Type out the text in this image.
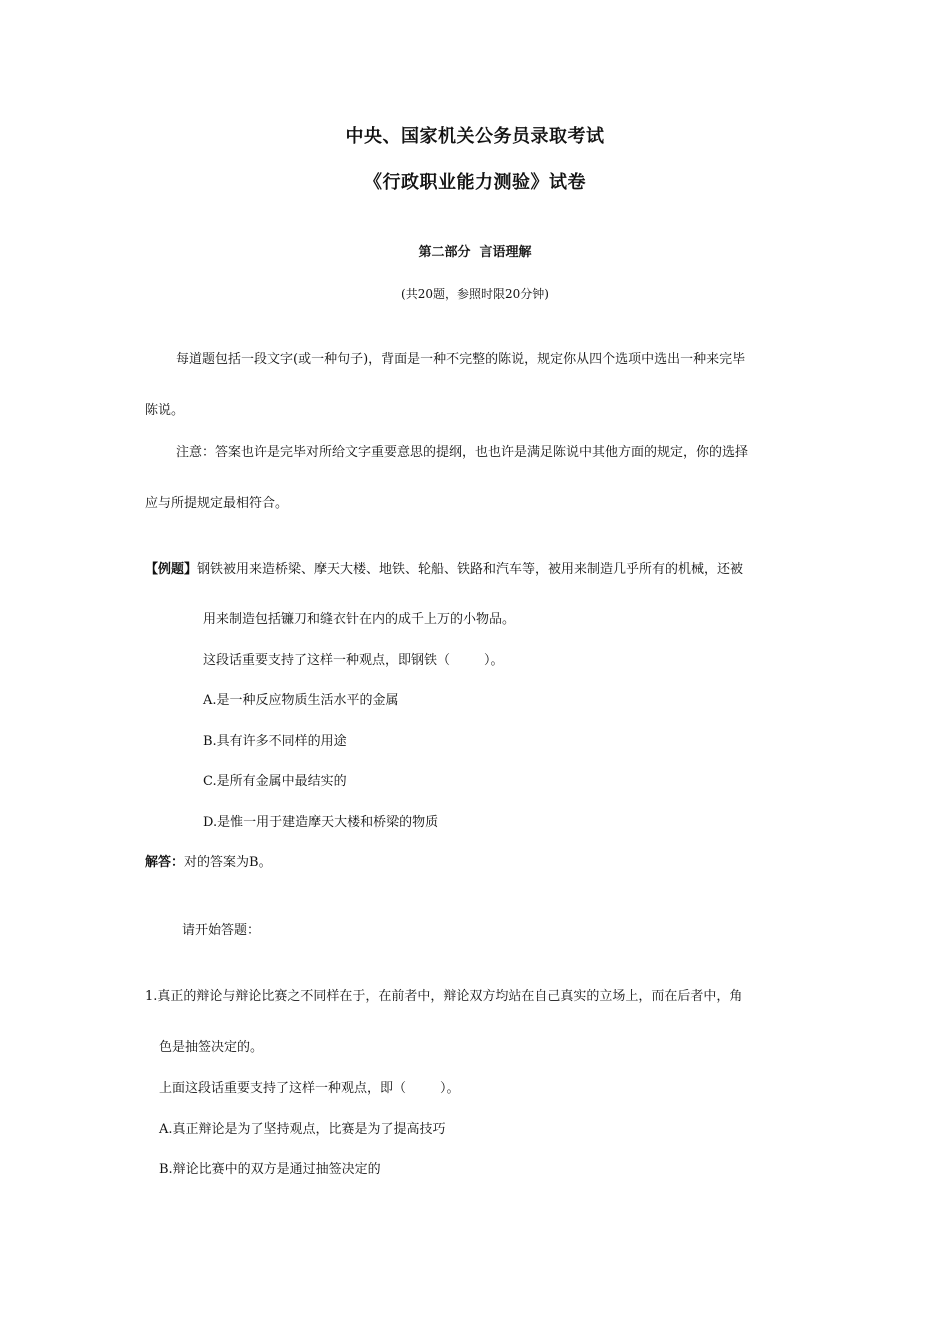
中央、国家机关公务员录取考试
《行政职业能力测验》试卷
第二部分  言语理解
(共20题，参照时限20分钟)
每道题包括一段文字(或一种句子)，背面是一种不完整的陈说，规定你从四个选项中选出一种来完毕
陈说。
注意：答案也许是完毕对所给文字重要意思的提纲，也也许是满足陈说中其他方面的规定，你的选择
应与所提规定最相符合。
【例题】钢铁被用来造桥梁、摩天大楼、地铁、轮船、铁路和汽车等，被用来制造几乎所有的机械，还被
用来制造包括镰刀和缝衣针在内的成千上万的小物品。
这段话重要支持了这样一种观点，即钢铁（	）。
A.是一种反应物质生活水平的金属
B.具有许多不同样的用途
C.是所有金属中最结实的
D.是惟一用于建造摩天大楼和桥梁的物质
解答：对的答案为B。
请开始答题：
1.真正的辩论与辩论比赛之不同样在于，在前者中，辩论双方均站在自己真实的立场上，而在后者中，角
色是抽签决定的。
上面这段话重要支持了这样一种观点，即（	）。
A.真正辩论是为了坚持观点，比赛是为了提高技巧
B.辩论比赛中的双方是通过抽签决定的
